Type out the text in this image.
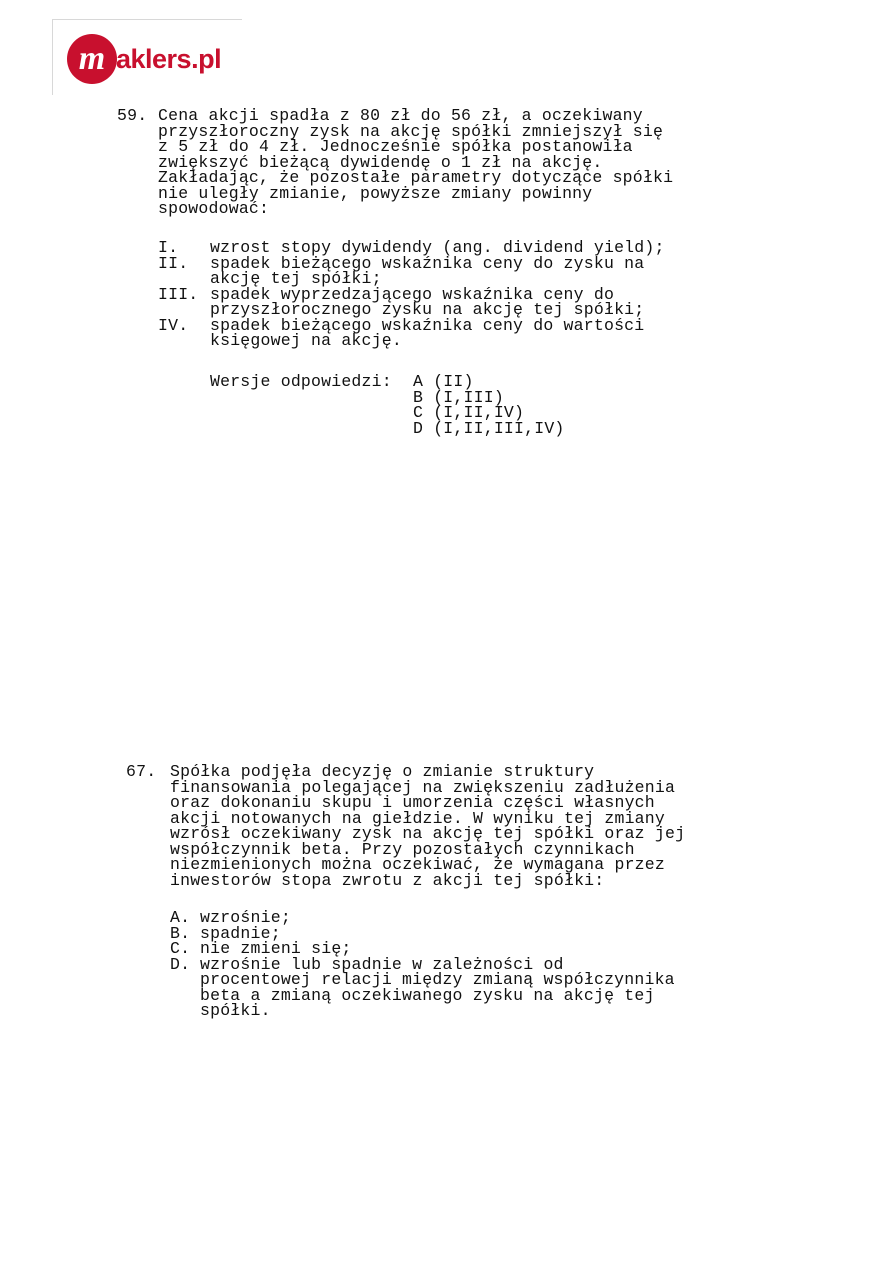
m aklers.pl
59. Cena akcji spadła z 80 zł do 56 zł, a oczekiwany
przyszłoroczny zysk na akcję spółki zmniejszył się
z 5 zł do 4 zł. Jednocześnie spółka postanowiła
zwiększyć bieżącą dywidendę o 1 zł na akcję.
Zakładając, że pozostałe parametry dotyczące spółki
nie uległy zmianie, powyższe zmiany powinny
spowodować:
I.	wzrost stopy dywidendy (ang. dividend yield);
II.	spadek bieżącego wskaźnika ceny do zysku na
akcję tej spółki;
III. spadek wyprzedzającego wskaźnika ceny do
przyszłorocznego zysku na akcję tej spółki;
IV.	spadek bieżącego wskaźnika ceny do wartości
księgowej na akcję.
Wersje odpowiedzi: A (II)
B (I,III)
C (I,II,IV)
D (I,II,III,IV)
67. Spółka podjęła decyzję o zmianie struktury
finansowania polegającej na zwiększeniu zadłużenia
oraz dokonaniu skupu i umorzenia części własnych
akcji notowanych na giełdzie. W wyniku tej zmiany
wzrósł oczekiwany zysk na akcję tej spółki oraz jej
współczynnik beta. Przy pozostałych czynnikach
niezmienionych można oczekiwać, że wymagana przez
inwestorów stopa zwrotu z akcji tej spółki:
A. wzrośnie;
B. spadnie;
C. nie zmieni się;
D. wzrośnie lub spadnie w zależności od
procentowej relacji między zmianą współczynnika
beta a zmianą oczekiwanego zysku na akcję tej
spółki.
